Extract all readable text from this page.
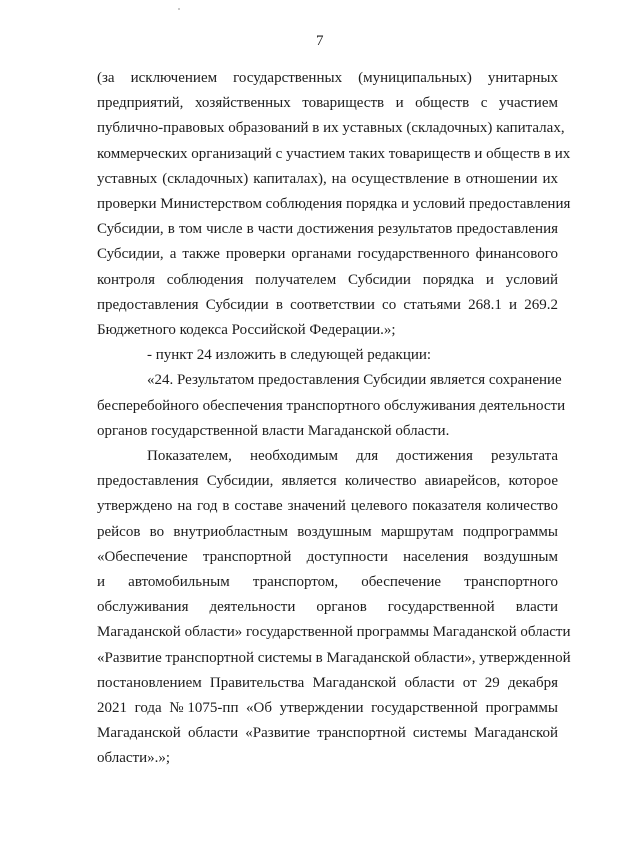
7
(за исключением государственных (муниципальных) унитарных
предприятий, хозяйственных товариществ и обществ с участием
публично-правовых образований в их уставных (складочных) капиталах,
коммерческих организаций с участием таких товариществ и обществ в их
уставных (складочных) капиталах), на осуществление в отношении их
проверки Министерством соблюдения порядка и условий предоставления
Субсидии, в том числе в части достижения результатов предоставления
Субсидии, а также проверки органами государственного финансового
контроля соблюдения получателем Субсидии порядка и условий
предоставления Субсидии в соответствии со статьями 268.1 и 269.2
Бюджетного кодекса Российской Федерации.»;
- пункт 24 изложить в следующей редакции:
«24. Результатом предоставления Субсидии является сохранение
бесперебойного обеспечения транспортного обслуживания деятельности
органов государственной власти Магаданской области.
Показателем, необходимым для достижения результата
предоставления Субсидии, является количество авиарейсов, которое
утверждено на год в составе значений целевого показателя количество
рейсов во внутриобластным воздушным маршрутам подпрограммы
«Обеспечение транспортной доступности населения воздушным
и автомобильным транспортом, обеспечение транспортного
обслуживания деятельности органов государственной власти
Магаданской области» государственной программы Магаданской области
«Развитие транспортной системы в Магаданской области», утвержденной
постановлением Правительства Магаданской области от 29 декабря
2021 года №1075-пп «Об утверждении государственной программы
Магаданской области «Развитие транспортной системы Магаданской
области».»;
